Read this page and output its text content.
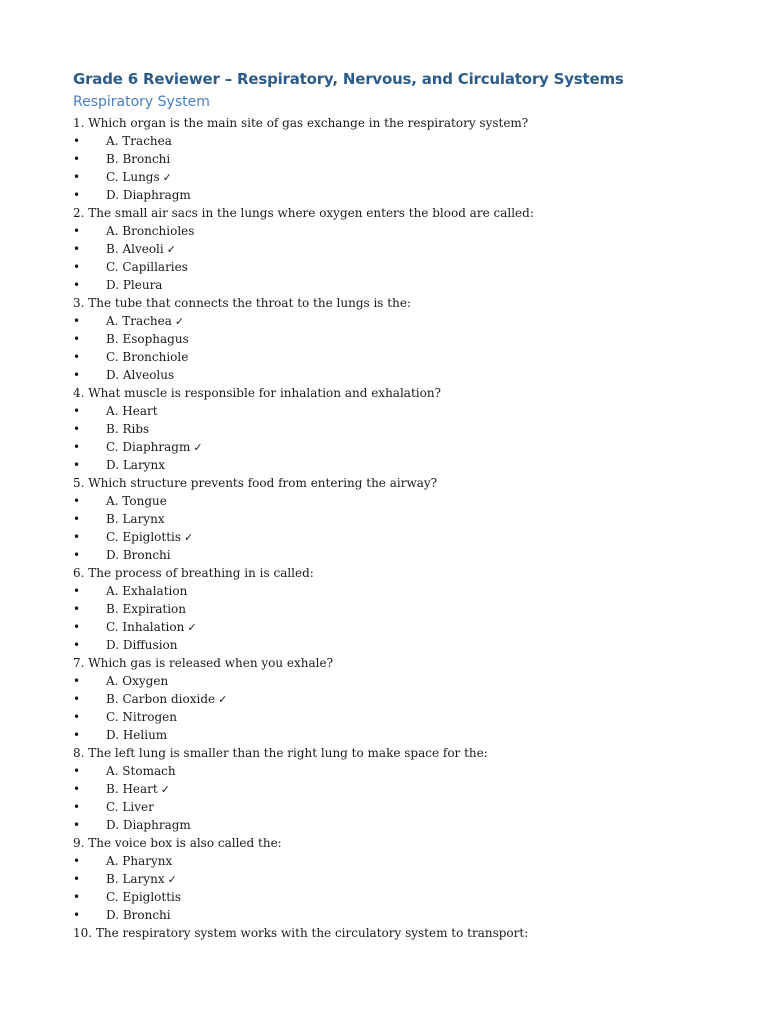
Grade 6 Reviewer – Respiratory, Nervous, and Circulatory Systems
Respiratory System
1. Which organ is the main site of gas exchange in the respiratory system?
• A. Trachea
• B. Bronchi
• C. Lungs ✓
• D. Diaphragm
2. The small air sacs in the lungs where oxygen enters the blood are called:
• A. Bronchioles
• B. Alveoli ✓
• C. Capillaries
• D. Pleura
3. The tube that connects the throat to the lungs is the:
• A. Trachea ✓
• B. Esophagus
• C. Bronchiole
• D. Alveolus
4. What muscle is responsible for inhalation and exhalation?
• A. Heart
• B. Ribs
• C. Diaphragm ✓
• D. Larynx
5. Which structure prevents food from entering the airway?
• A. Tongue
• B. Larynx
• C. Epiglottis ✓
• D. Bronchi
6. The process of breathing in is called:
• A. Exhalation
• B. Expiration
• C. Inhalation ✓
• D. Diffusion
7. Which gas is released when you exhale?
• A. Oxygen
• B. Carbon dioxide ✓
• C. Nitrogen
• D. Helium
8. The left lung is smaller than the right lung to make space for the:
• A. Stomach
• B. Heart ✓
• C. Liver
• D. Diaphragm
9. The voice box is also called the:
• A. Pharynx
• B. Larynx ✓
• C. Epiglottis
• D. Bronchi
10. The respiratory system works with the circulatory system to transport:
